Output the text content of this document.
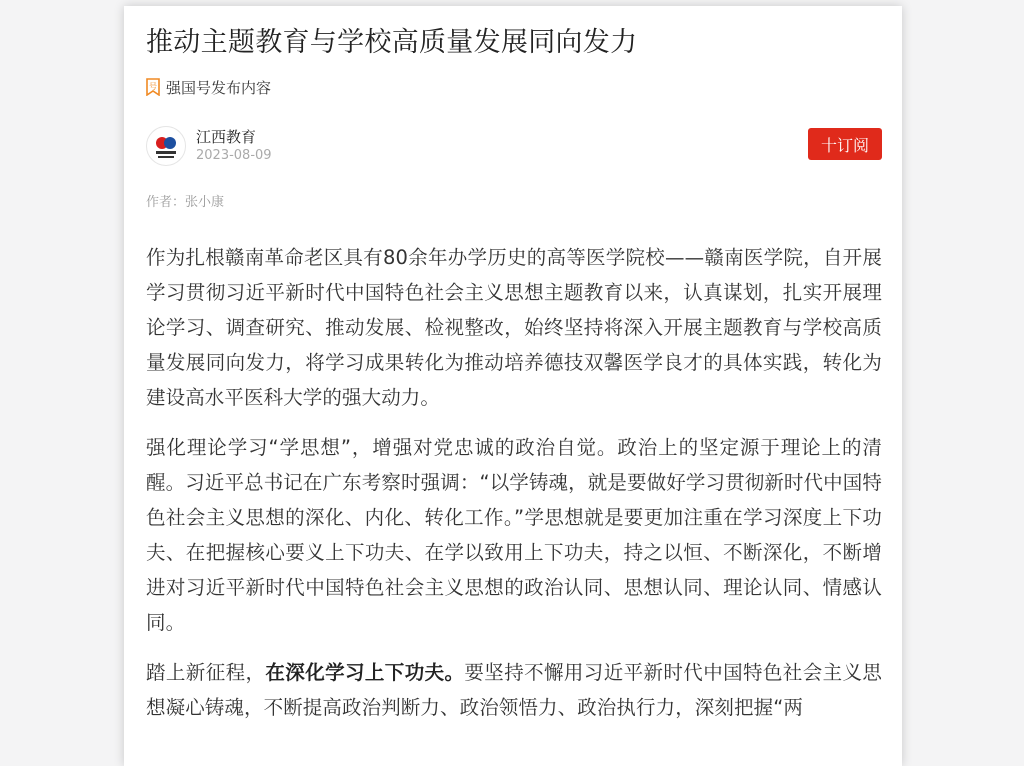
推动主题教育与学校高质量发展同向发力
号 强国号发布内容
江西教育
2023-08-09
十订阅
作者：张小康

作为扎根赣南革命老区具有80余年办学历史的高等医学院校——赣南医学院，自开展学习贯彻习近平新时代中国特色社会主义思想主题教育以来，认真谋划，扎实开展理论学习、调查研究、推动发展、检视整改，始终坚持将深入开展主题教育与学校高质量发展同向发力，将学习成果转化为推动培养德技双馨医学良才的具体实践，转化为建设高水平医科大学的强大动力。

强化理论学习“学思想”，增强对党忠诚的政治自觉。政治上的坚定源于理论上的清醒。习近平总书记在广东考察时强调：“以学铸魂，就是要做好学习贯彻新时代中国特色社会主义思想的深化、内化、转化工作。”学思想就是要更加注重在学习深度上下功夫、在把握核心要义上下功夫、在学以致用上下功夫，持之以恒、不断深化，不断增进对习近平新时代中国特色社会主义思想的政治认同、思想认同、理论认同、情感认同。

踏上新征程，在深化学习上下功夫。要坚持不懈用习近平新时代中国特色社会主义思想凝心铸魂，不断提高政治判断力、政治领悟力、政治执行力，深刻把握“两
